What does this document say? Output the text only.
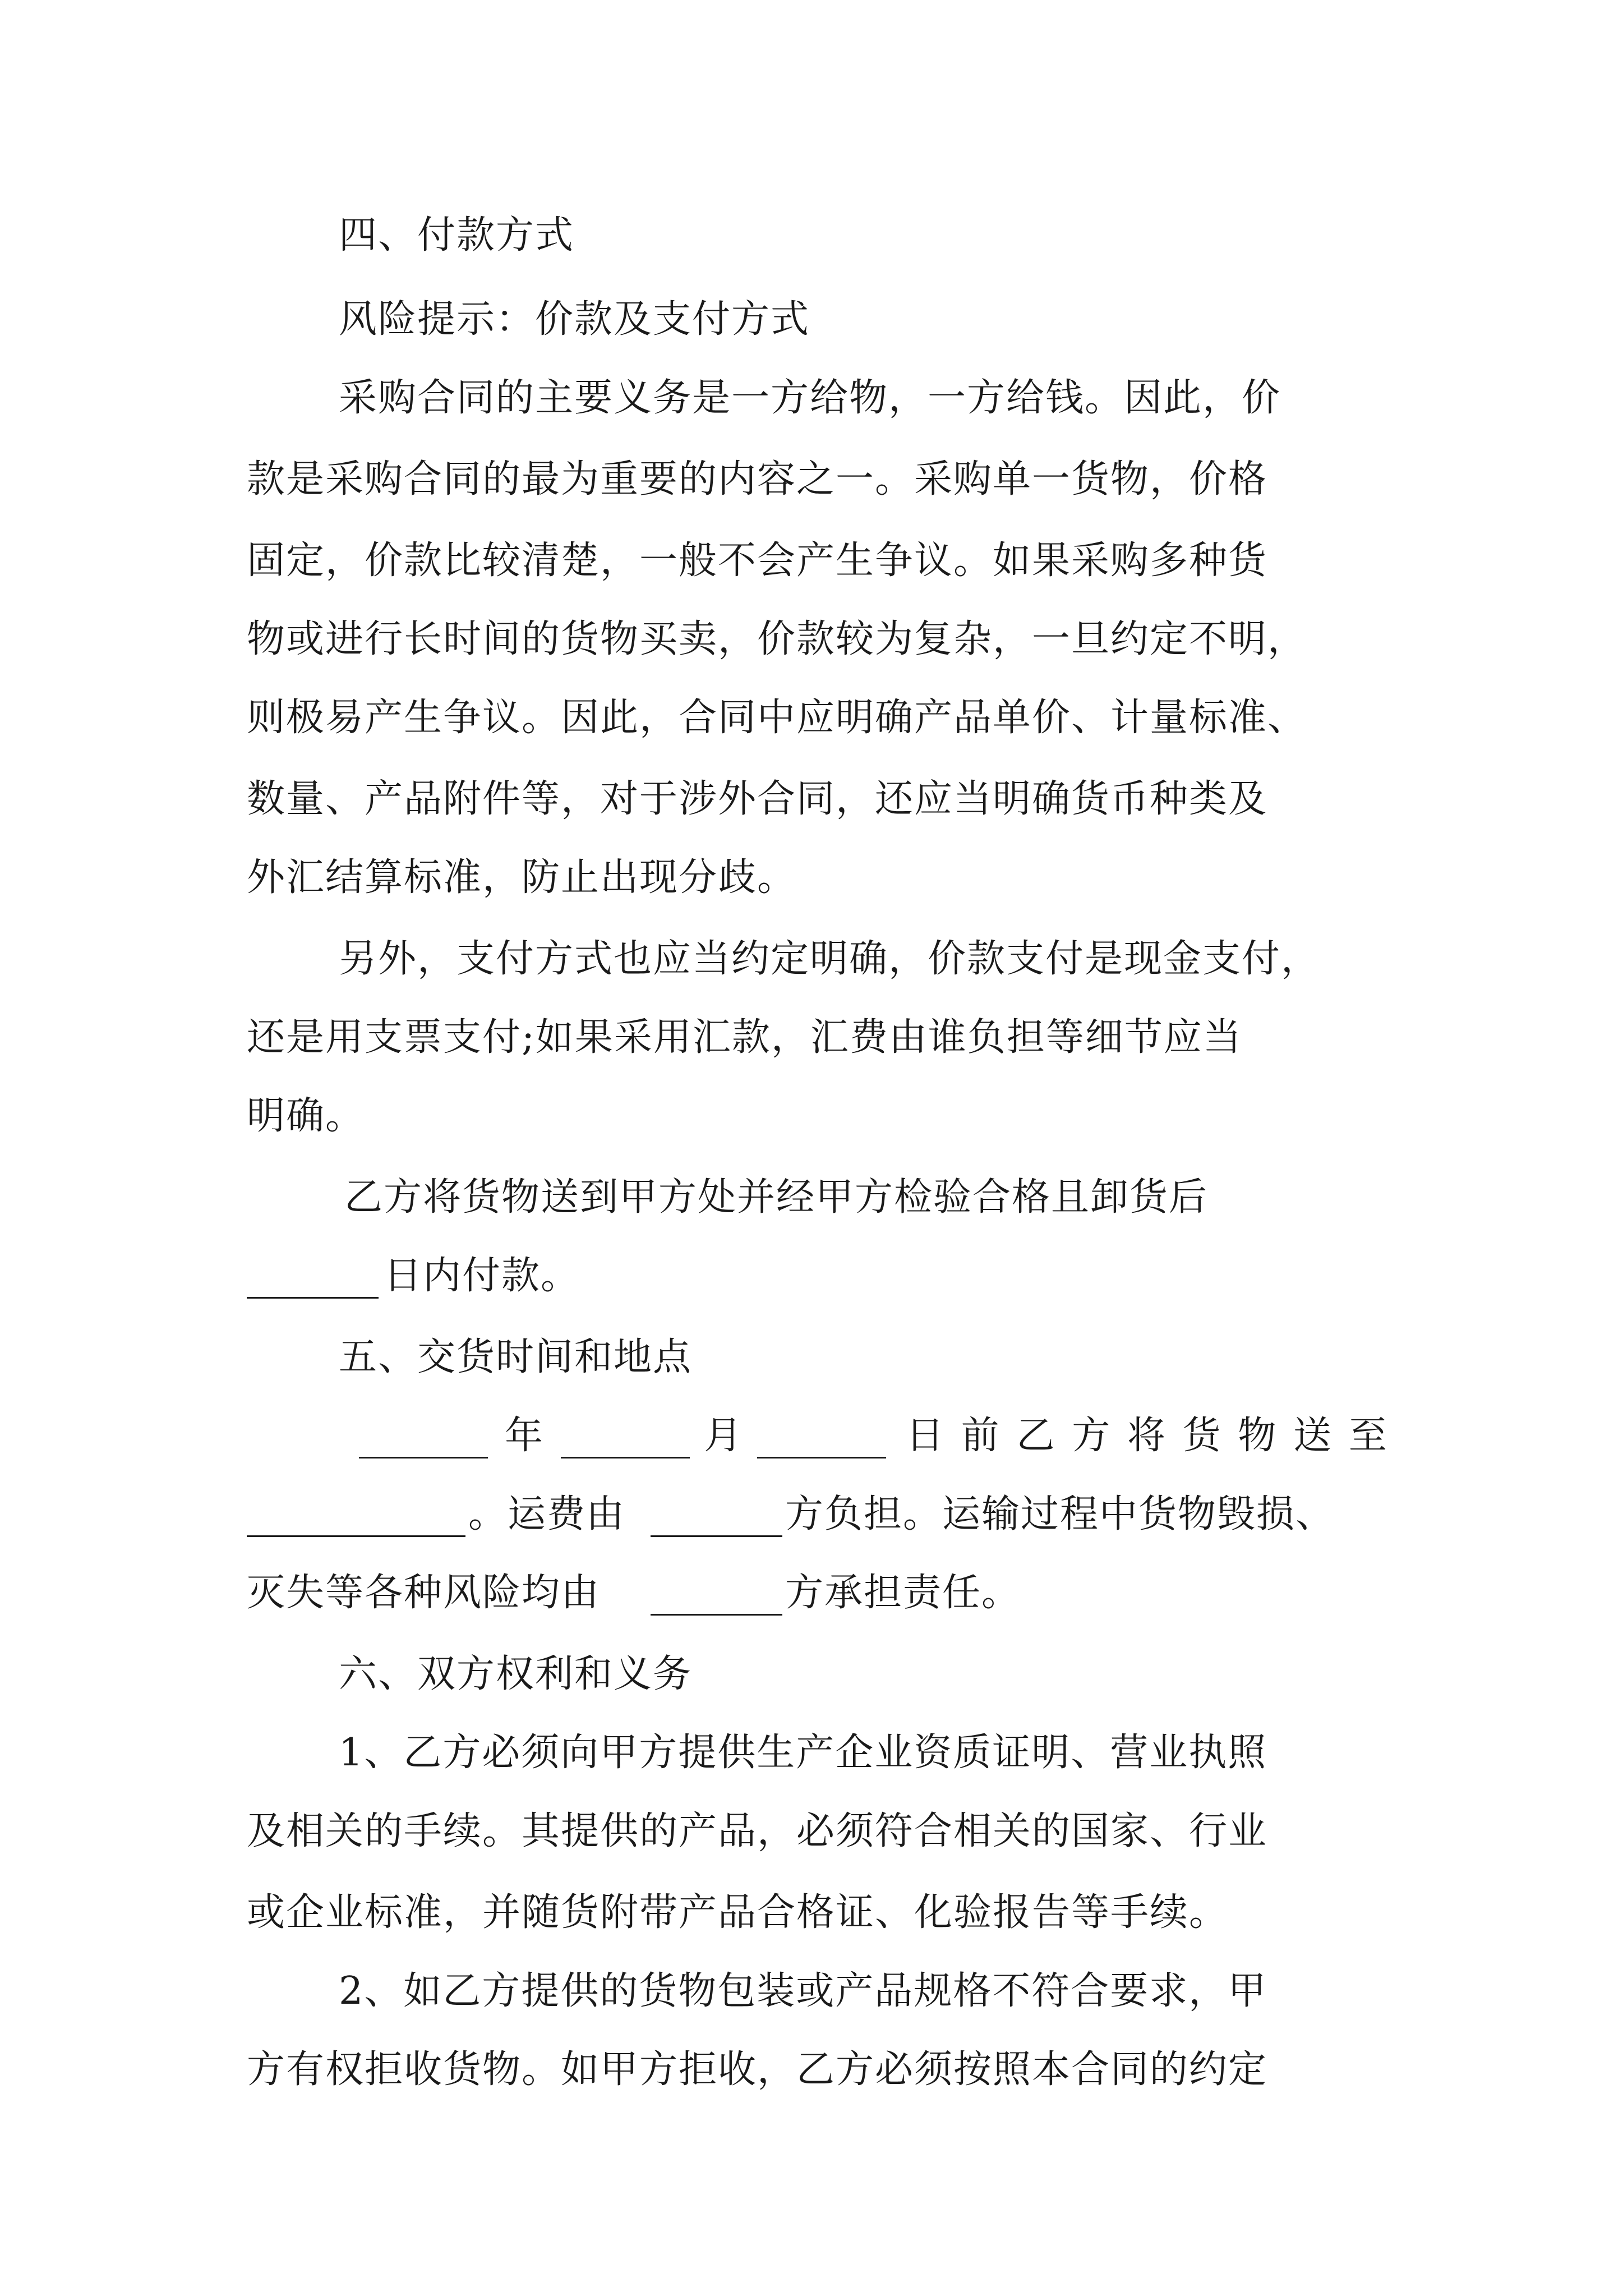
四、付款方式
风险提示：价款及支付方式
采购合同的主要义务是一方给物，一方给钱。因此，价
款是采购合同的最为重要的内容之一。采购单一货物，价格
固定，价款比较清楚，一般不会产生争议。如果采购多种货
物或进行长时间的货物买卖，价款较为复杂，一旦约定不明，
则极易产生争议。因此，合同中应明确产品单价、计量标准、
数量、产品附件等，对于涉外合同，还应当明确货币种类及
外汇结算标准，防止出现分歧。
另外，支付方式也应当约定明确，价款支付是现金支付，
还是用支票支付;如果采用汇款，汇费由谁负担等细节应当
明确。
乙方将货物送到甲方处并经甲方检验合格且卸货后
日内付款。
五、交货时间和地点
年	月	日 前 乙 方 将 货 物 送 至
。运费由	方负担。运输过程中货物毁损、
灭失等各种风险均由	方承担责任。
六、双方权利和义务
1、乙方必须向甲方提供生产企业资质证明、营业执照
及相关的手续。其提供的产品，必须符合相关的国家、行业
或企业标准，并随货附带产品合格证、化验报告等手续。
2、如乙方提供的货物包装或产品规格不符合要求，甲
方有权拒收货物。如甲方拒收，乙方必须按照本合同的约定
